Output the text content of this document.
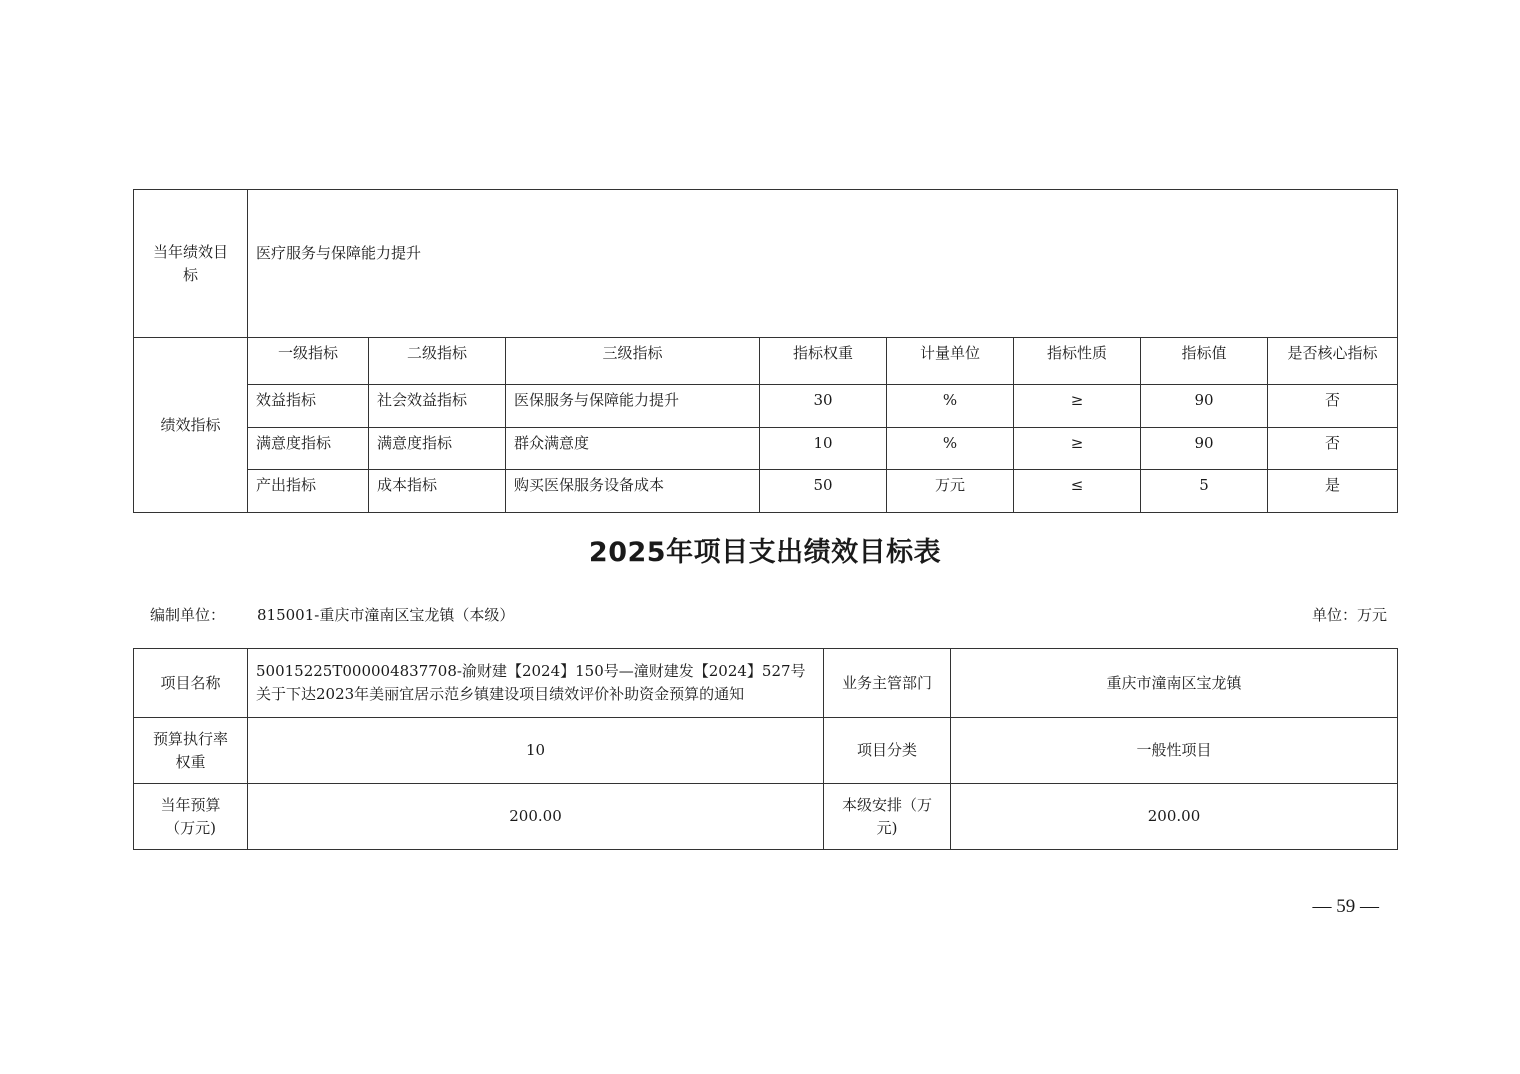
当年绩效目标	医疗服务与保障能力提升							
绩效指标	一级指标	二级指标	三级指标	指标权重	计量单位	指标性质	指标值	是否核心指标
	效益指标	社会效益指标	医保服务与保障能力提升	30	%	≥	90	否
	满意度指标	满意度指标	群众满意度	10	%	≥	90	否
	产出指标	成本指标	购买医保服务设备成本	50	万元	≤	5	是
2025年项目支出绩效目标表
编制单位： 815001-重庆市潼南区宝龙镇（本级）	单位：万元
项目名称	50015225T000004837708-渝财建【2024】150号—潼财建发【2024】527号关于下达2023年美丽宜居示范乡镇建设项目绩效评价补助资金预算的通知	业务主管部门	重庆市潼南区宝龙镇
预算执行率权重	10	项目分类	一般性项目
当年预算（万元)	200.00	本级安排（万元)	200.00
— 59 —
